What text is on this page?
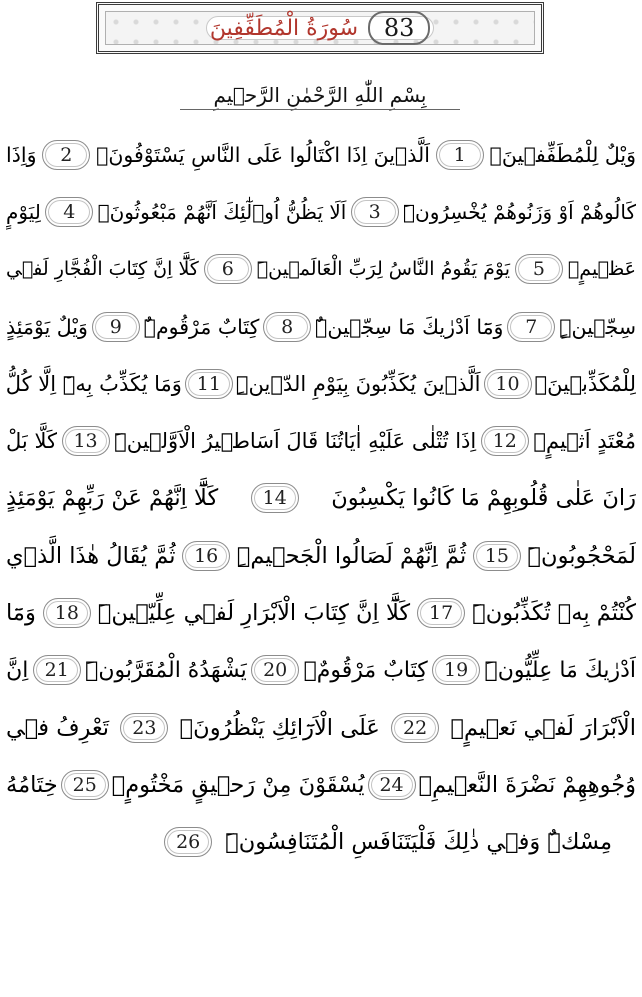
83
سُورَةُ الْمُطَفِّفِينَ
بِسْمِ اللّٰهِ الرَّحْمٰنِ الرَّح۪يمِ
وَيْلٌ لِلْمُطَفِّف۪ينَۙ
1
اَلَّذ۪ينَ اِذَا اكْتَالُوا عَلَى النَّاسِ يَسْتَوْفُونَۘ
2
وَاِذَا
كَالُوهُمْ اَوْ وَزَنُوهُمْ يُخْسِرُونَۜ
3
اَلَا يَظُنُّ اُو۬لٰٓئِكَ اَنَّهُمْ مَبْعُوثُونَۙ
4
لِيَوْمٍ
عَظ۪يمٍۙ
5
يَوْمَ يَقُومُ النَّاسُ لِرَبِّ الْعَالَم۪ينَۜ
6
كَلَّٓا اِنَّ كِتَابَ الْفُجَّارِ لَف۪ي
سِجّ۪ينٍۜ
7
وَمَٓا اَدْرٰيكَ مَا سِجّ۪ينٌۜ
8
كِتَابٌ مَرْقُومٌۜ
9
وَيْلٌ يَوْمَئِذٍ
لِلْمُكَذِّب۪ينَۙ
10
اَلَّذ۪ينَ يُكَذِّبُونَ بِيَوْمِ الدّ۪ينِۜ
11
وَمَا يُكَذِّبُ بِه۪ٓ اِلَّا كُلُّ
مُعْتَدٍ اَث۪يمٍۙ
12
اِذَا تُتْلٰى عَلَيْهِ اٰيَاتُنَا قَالَ اَسَاط۪يرُ الْاَوَّل۪ينَۜ
13
كَلَّا بَلْ
رَانَ عَلٰى قُلُوبِهِمْ مَا كَانُوا يَكْسِبُونَ
14
كَلَّٓا اِنَّهُمْ عَنْ رَبِّهِمْ يَوْمَئِذٍ
لَمَحْجُوبُونَۜ
15
ثُمَّ اِنَّهُمْ لَصَالُوا الْجَح۪يمِۜ
16
ثُمَّ يُقَالُ هٰذَا الَّذ۪ي
كُنْتُمْ بِه۪ تُكَذِّبُونَۜ
17
كَلَّٓا اِنَّ كِتَابَ الْاَبْرَارِ لَف۪ي عِلِّيّ۪ينَۜ
18
وَمَٓا
اَدْرٰيكَ مَا عِلِّيُّونَۜ
19
كِتَابٌ مَرْقُومٌۙ
20
يَشْهَدُهُ الْمُقَرَّبُونَۜ
21
اِنَّ
الْاَبْرَارَ لَف۪ي نَع۪يمٍۙ
22
عَلَى الْاَرَٓائِكِ يَنْظُرُونَۙ
23
تَعْرِفُ ف۪ي
وُجُوهِهِمْ نَضْرَةَ النَّع۪يمِۚ
24
يُسْقَوْنَ مِنْ رَح۪يقٍ مَخْتُومٍۙ
25
خِتَامُهُ
مِسْكٌۜ وَف۪ي ذٰلِكَ فَلْيَتَنَافَسِ الْمُتَنَافِسُونَۜ
26
